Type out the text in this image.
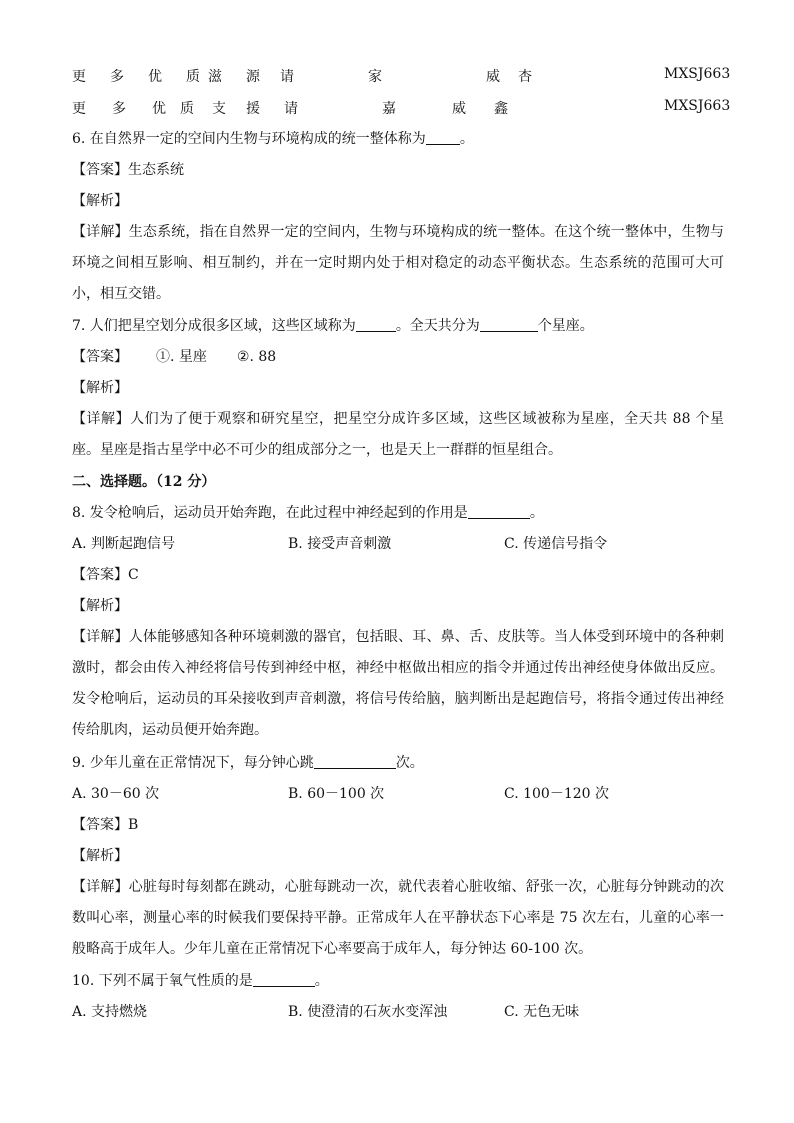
更 多 优 质 滋 源 请	家	威 杏	MXSJ663
更 多 优 质 支 援 请	嘉	威 鑫	MXSJ663
6. 在自然界一定的空间内生物与环境构成的统一整体称为 。
【答案】生态系统
【解析】
【详解】生态系统，指在自然界一定的空间内，生物与环境构成的统一整体。在这个统一整体中，生物与环境之间相互影响、相互制约，并在一定时期内处于相对稳定的动态平衡状态。生态系统的范围可大可小，相互交错。
7. 人们把星空划分成很多区域，这些区域称为	。全天共分为	个星座。
【答案】 ①. 星座 ②. 88
【解析】
【详解】人们为了便于观察和研究星空，把星空分成许多区域，这些区域被称为星座，全天共 88 个星座。星座是指古星学中必不可少的组成部分之一，也是天上一群群的恒星组合。
二、选择题。（12 分）
8. 发令枪响后，运动员开始奔跑，在此过程中神经起到的作用是	。
A. 判断起跑信号	B. 接受声音刺激	C. 传递信号指令
【答案】C
【解析】
【详解】人体能够感知各种环境刺激的器官，包括眼、耳、鼻、舌、皮肤等。当人体受到环境中的各种刺激时，都会由传入神经将信号传到神经中枢，神经中枢做出相应的指令并通过传出神经使身体做出反应。发令枪响后，运动员的耳朵接收到声音刺激，将信号传给脑，脑判断出是起跑信号，将指令通过传出神经传给肌肉，运动员便开始奔跑。
9. 少年儿童在正常情况下，每分钟心跳	次。
A. 30－60 次	B. 60－100 次	C. 100－120 次
【答案】B
【解析】
【详解】心脏每时每刻都在跳动，心脏每跳动一次，就代表着心脏收缩、舒张一次，心脏每分钟跳动的次数叫心率，测量心率的时候我们要保持平静。正常成年人在平静状态下心率是 75 次左右，儿童的心率一般略高于成年人。少年儿童在正常情况下心率要高于成年人，每分钟达 60-100 次。
10. 下列不属于氧气性质的是	。
A. 支持燃烧	B. 使澄清的石灰水变浑浊	C. 无色无味
